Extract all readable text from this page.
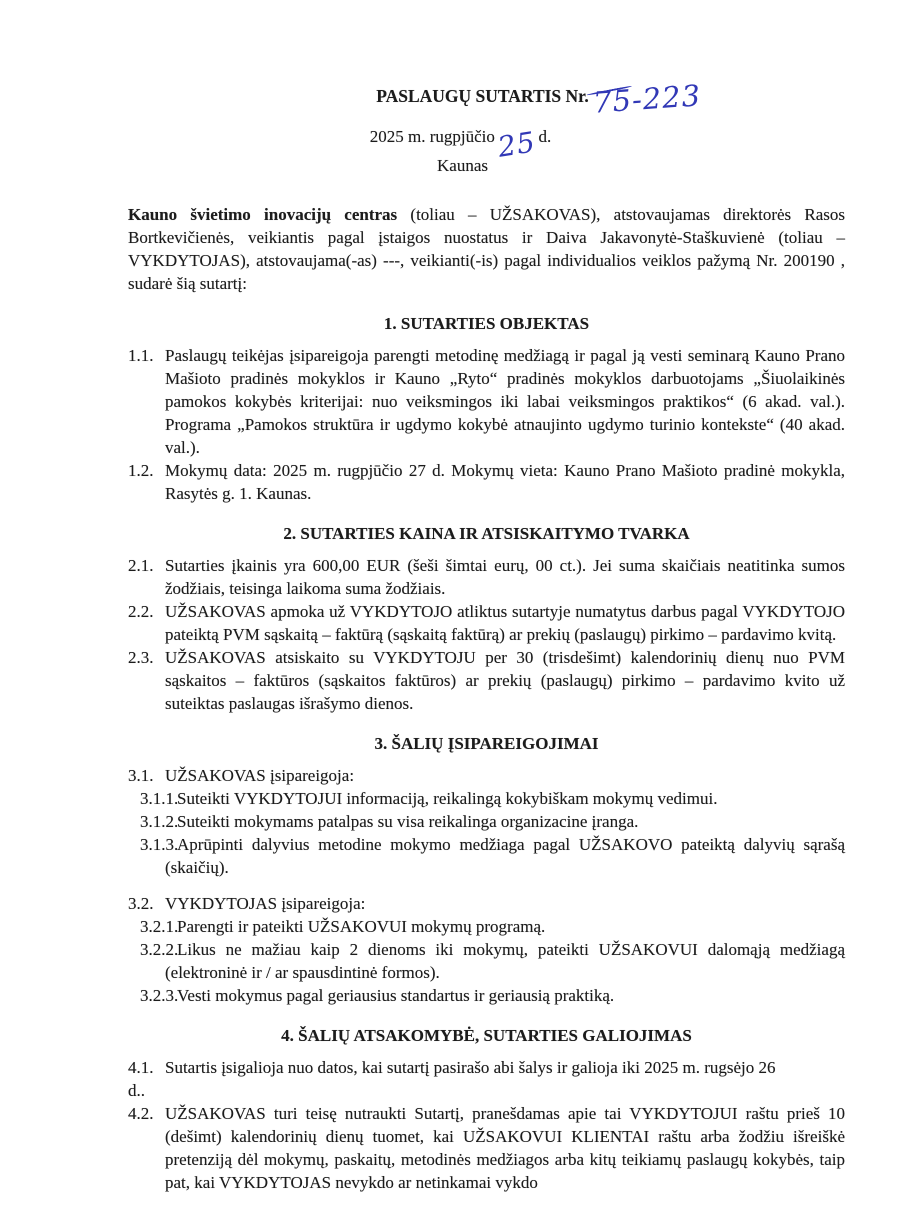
PASLAUGŲ SUTARTIS Nr. 75-223
2025 m. rugpjūčio25d.
Kaunas

Kauno švietimo inovacijų centras (toliau – UŽSAKOVAS), atstovaujamas direktorės Rasos Bortkevičienės, veikiantis pagal įstaigos nuostatus ir Daiva Jakavonytė-Staškuvienė (toliau – VYKDYTOJAS), atstovaujama(-as) ---, veikianti(-is) pagal individualios veiklos pažymą Nr. 200190 , sudarė šią sutartį:

1. SUTARTIES OBJEKTAS
1.1. Paslaugų teikėjas įsipareigoja parengti metodinę medžiagą ir pagal ją vesti seminarą Kauno Prano Mašioto pradinės mokyklos ir Kauno „Ryto“ pradinės mokyklos darbuotojams „Šiuolaikinės pamokos kokybės kriterijai: nuo veiksmingos iki labai veiksmingos praktikos“ (6 akad. val.). Programa „Pamokos struktūra ir ugdymo kokybė atnaujinto ugdymo turinio kontekste“ (40 akad. val.).
1.2. Mokymų data: 2025 m. rugpjūčio 27 d. Mokymų vieta: Kauno Prano Mašioto pradinė mokykla, Rasytės g. 1. Kaunas.
2. SUTARTIES KAINA IR ATSISKAITYMO TVARKA
2.1. Sutarties įkainis yra 600,00 EUR (šeši šimtai eurų, 00 ct.). Jei suma skaičiais neatitinka sumos žodžiais, teisinga laikoma suma žodžiais.
2.2. UŽSAKOVAS apmoka už VYKDYTOJO atliktus sutartyje numatytus darbus pagal VYKDYTOJO pateiktą PVM sąskaitą – faktūrą (sąskaitą faktūrą) ar prekių (paslaugų) pirkimo – pardavimo kvitą.
2.3. UŽSAKOVAS atsiskaito su VYKDYTOJU per 30 (trisdešimt) kalendorinių dienų nuo PVM sąskaitos – faktūros (sąskaitos faktūros) ar prekių (paslaugų) pirkimo – pardavimo kvito už suteiktas paslaugas išrašymo dienos.
3. ŠALIŲ ĮSIPAREIGOJIMAI
3.1. UŽSAKOVAS įsipareigoja:
3.1.1.
Suteikti VYKDYTOJUI informaciją, reikalingą kokybiškam mokymų vedimui.
3.1.2.
Suteikti mokymams patalpas su visa reikalinga organizacine įranga.
3.1.3.
Aprūpinti dalyvius metodine mokymo medžiaga pagal UŽSAKOVO pateiktą dalyvių sąrašą (skaičių).
3.2. VYKDYTOJAS įsipareigoja:
3.2.1.
Parengti ir pateikti UŽSAKOVUI mokymų programą.
3.2.2.
Likus ne mažiau kaip 2 dienoms iki mokymų, pateikti UŽSAKOVUI dalomąją medžiagą (elektroninė ir / ar spausdintinė formos).
3.2.3.
Vesti mokymus pagal geriausius standartus ir geriausią praktiką.
4. ŠALIŲ ATSAKOMYBĖ, SUTARTIES GALIOJIMAS
4.1. Sutartis įsigalioja nuo datos, kai sutartį pasirašo abi šalys ir galioja iki 2025 m. rugsėjo 26
d..
4.2. UŽSAKOVAS turi teisę nutraukti Sutartį, pranešdamas apie tai VYKDYTOJUI raštu prieš 10 (dešimt) kalendorinių dienų tuomet, kai UŽSAKOVUI KLIENTAI raštu arba žodžiu išreiškė pretenziją dėl mokymų, paskaitų, metodinės medžiagos arba kitų teikiamų paslaugų kokybės, taip pat, kai VYKDYTOJAS nevykdo ar netinkamai vykdo
